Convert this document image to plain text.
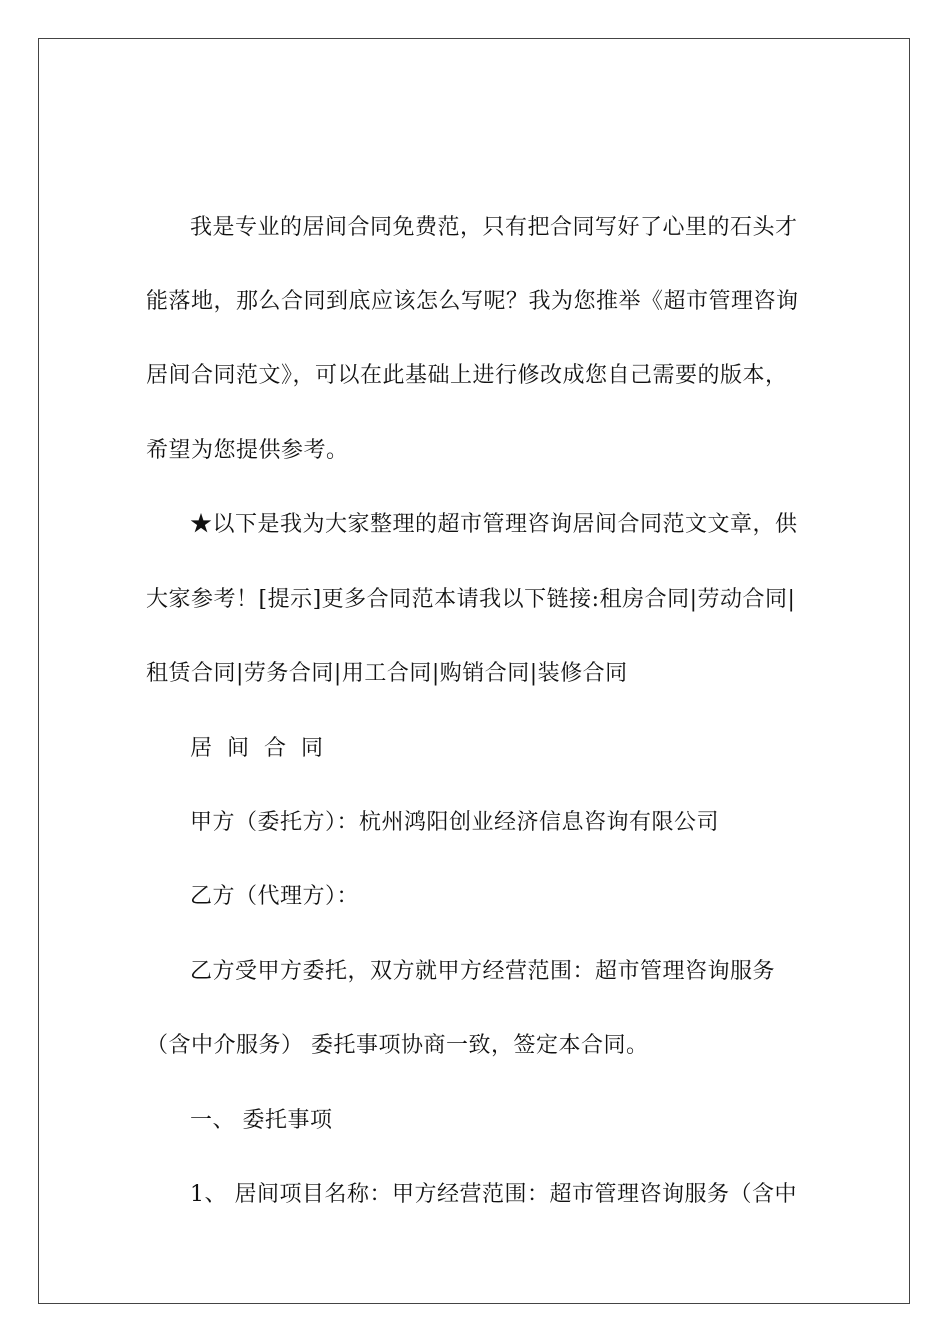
我是专业的居间合同免费范，只有把合同写好了心里的石头才
能落地，那么合同到底应该怎么写呢？我为您推举《超市管理咨询
居间合同范文》，可以在此基础上进行修改成您自己需要的版本，
希望为您提供参考。
★以下是我为大家整理的超市管理咨询居间合同范文文章，供
大家参考！[提示]更多合同范本请我以下链接:租房合同|劳动合同|
租赁合同|劳务合同|用工合同|购销合同|装修合同
居 间 合 同
甲方（委托方）：杭州鸿阳创业经济信息咨询有限公司
乙方（代理方）：
乙方受甲方委托，双方就甲方经营范围：超市管理咨询服务
（含中介服务） 委托事项协商一致，签定本合同。
一、 委托事项
1、 居间项目名称：甲方经营范围：超市管理咨询服务（含中
